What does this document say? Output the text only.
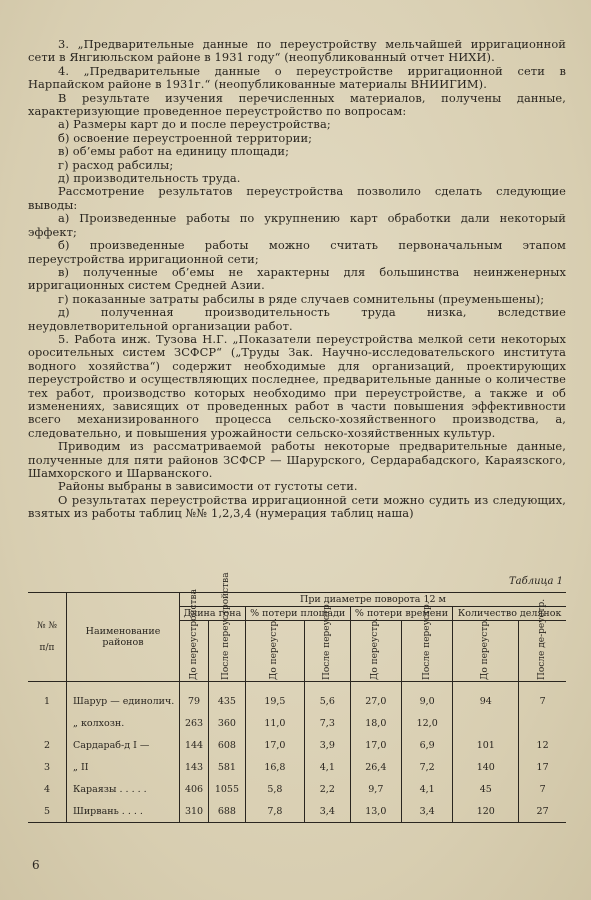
3. „Предварительные данные по переустройству мельчайшей ирригационной сети в Янгиюльском районе в 1931 году“ (неопубликованный отчет НИХИ).

4. „Предварительные данные о переустройстве ирригационной сети в Нарпайском районе в 1931г.“ (неопубликованные материалы ВНИИГИМ).

В результате изучения перечисленных материалов, получены данные, характеризующие проведенное переустройство по вопросам:

а) Размеры карт до и после переустройства;

б) освоение переустроенной территории;

в) об’емы работ на единицу площади;

г) расход рабсилы;

д) производительность труда.

Рассмотрение результатов переустройства позволило сделать следующие выводы:

а) Произведенные работы по укрупнению карт обработки дали некоторый эффект;

б) произведенные работы можно считать первоначальным этапом переустройства ирригационной сети;

в) полученные об’емы не характерны для большинства неинженерных ирригационных систем Средней Азии.

г) показанные затраты рабсилы в ряде случаев сомнительны (преуменьшены);

д) полученная производительность труда низка, вследствие неудовлетворительной организации работ.

5. Работа инж. Тузова Н.Г. „Показатели переустройства мелкой сети некоторых оросительных систем ЗСФСР“ („Труды Зак. Научно-исследовательского института водного хозяйства“) содержит необходимые для организаций, проектирующих переустройство и осуществляющих последнее, предварительные данные о количестве тех работ, производство которых необходимо при переустройстве, а также и об изменениях, зависящих от проведенных работ в части повышения эффективности всего механизированного процесса сельско-хозяйственного производства, а, следовательно, и повышения урожайности сельско-хозяйственных культур.

Приводим из рассматриваемой работы некоторые предварительные данные, полученные для пяти районов ЗСФСР — Шарурского, Сердарабадского, Караязского, Шамхорского и Шарванского.

Районы выбраны в зависимости от густоты сети.

О результатах переустройства ирригационной сети можно судить из следующих, взятых из работы таблиц №№ 1,2,3,4 (нумерация таблиц наша)

Таблица 1
№ №

п/п	Наименование районов	При диаметре поворота 12 м							
		Длина гона		% потери площади		% потери времени		Количество делянок	

		До переустройства	После переустройства	До переустр.	После переустр.	До переустр.	После переустр.	До переустр.	После де-реустр.

1	Шарур — единолич.	79	435	19,5	5,6	27,0	9,0	94	7
	„ колхозн.	263	360	11,0	7,3	18,0	12,0		
2	Сардараб-д I —	144	608	17,0	3,9	17,0	6,9	101	12
3	„ II	143	581	16,8	4,1	26,4	7,2	140	17
4	Караязы . . . . .	406	1055	5,8	2,2	9,7	4,1	45	7
5	Ширвань . . . .	310	688	7,8	3,4	13,0	3,4	120	27
6
